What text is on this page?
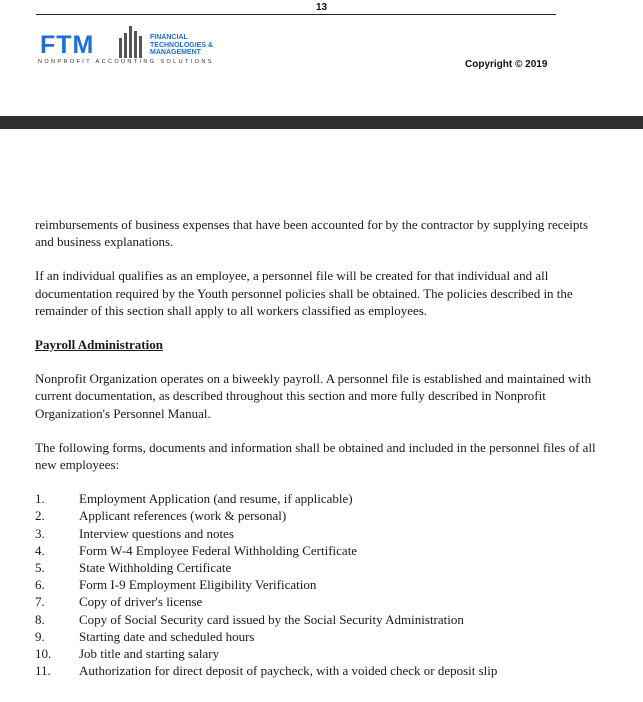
13
FTM	FINANCIAL
TECHNOLOGIES &
MANAGEMENT
NONPROFIT ACCOUNTING SOLUTIONS	Copyright © 2019

reimbursements of business expenses that have been accounted for by the contractor by supplying receipts and business explanations.

If an individual qualifies as an employee, a personnel file will be created for that individual and all documentation required by the Youth personnel policies shall be obtained. The policies described in the remainder of this section shall apply to all workers classified as employees.

Payroll Administration

Nonprofit Organization operates on a biweekly payroll. A personnel file is established and maintained with current documentation, as described throughout this section and more fully described in Nonprofit Organization's Personnel Manual.

The following forms, documents and information shall be obtained and included in the personnel files of all new employees:

1.	Employment Application (and resume, if applicable)
2.	Applicant references (work & personal)
3.	Interview questions and notes
4.	Form W-4 Employee Federal Withholding Certificate
5.	State Withholding Certificate
6.	Form I-9 Employment Eligibility Verification
7.	Copy of driver's license
8.	Copy of Social Security card issued by the Social Security Administration
9.	Starting date and scheduled hours
10.	Job title and starting salary
11.	Authorization for direct deposit of paycheck, with a voided check or deposit slip
